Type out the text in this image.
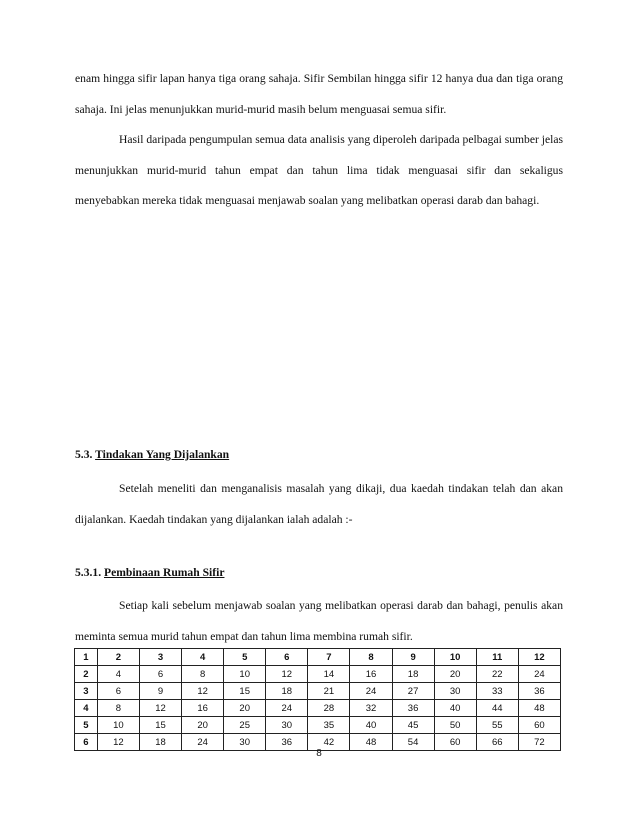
enam hingga sifir lapan hanya tiga orang sahaja. Sifir Sembilan hingga sifir 12 hanya dua dan tiga orang sahaja. Ini jelas menunjukkan murid-murid masih belum menguasai semua sifir.

Hasil daripada pengumpulan semua data analisis yang diperoleh daripada pelbagai sumber jelas menunjukkan murid-murid tahun empat dan tahun lima tidak menguasai sifir dan sekaligus menyebabkan mereka tidak menguasai menjawab soalan yang melibatkan operasi darab dan bahagi.

5.3. Tindakan Yang Dijalankan

Setelah meneliti dan menganalisis masalah yang dikaji, dua kaedah tindakan telah dan akan dijalankan. Kaedah tindakan yang dijalankan ialah adalah :-

5.3.1. Pembinaan Rumah Sifir

Setiap kali sebelum menjawab soalan yang melibatkan operasi darab dan bahagi, penulis akan meminta semua murid tahun empat dan tahun lima membina rumah sifir.

1	2	3	4	5	6	7	8	9	10	11	12
2	4	6	8	10	12	14	16	18	20	22	24
3	6	9	12	15	18	21	24	27	30	33	36
4	8	12	16	20	24	28	32	36	40	44	48
5	10	15	20	25	30	35	40	45	50	55	60
6	12	18	24	30	36	42	48	54	60	66	72
8
